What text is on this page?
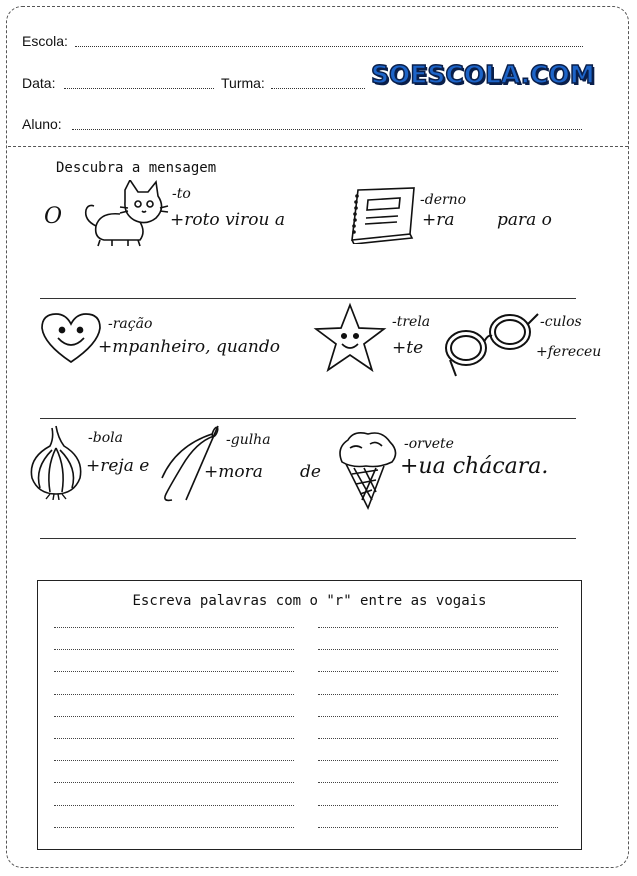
Escola:
Data:	Turma:	SOESCOLA.COM
Aluno:
Descubra a mensagem
O
-to
+roto virou a
-derno
+ra para o
-ração
+mpanheiro, quando
-trela
+te
-culos
+fereceu
-bola
+reja e
-gulha
+mora de
-orvete
+ua chácara.
Escreva palavras com o "r" entre as vogais
